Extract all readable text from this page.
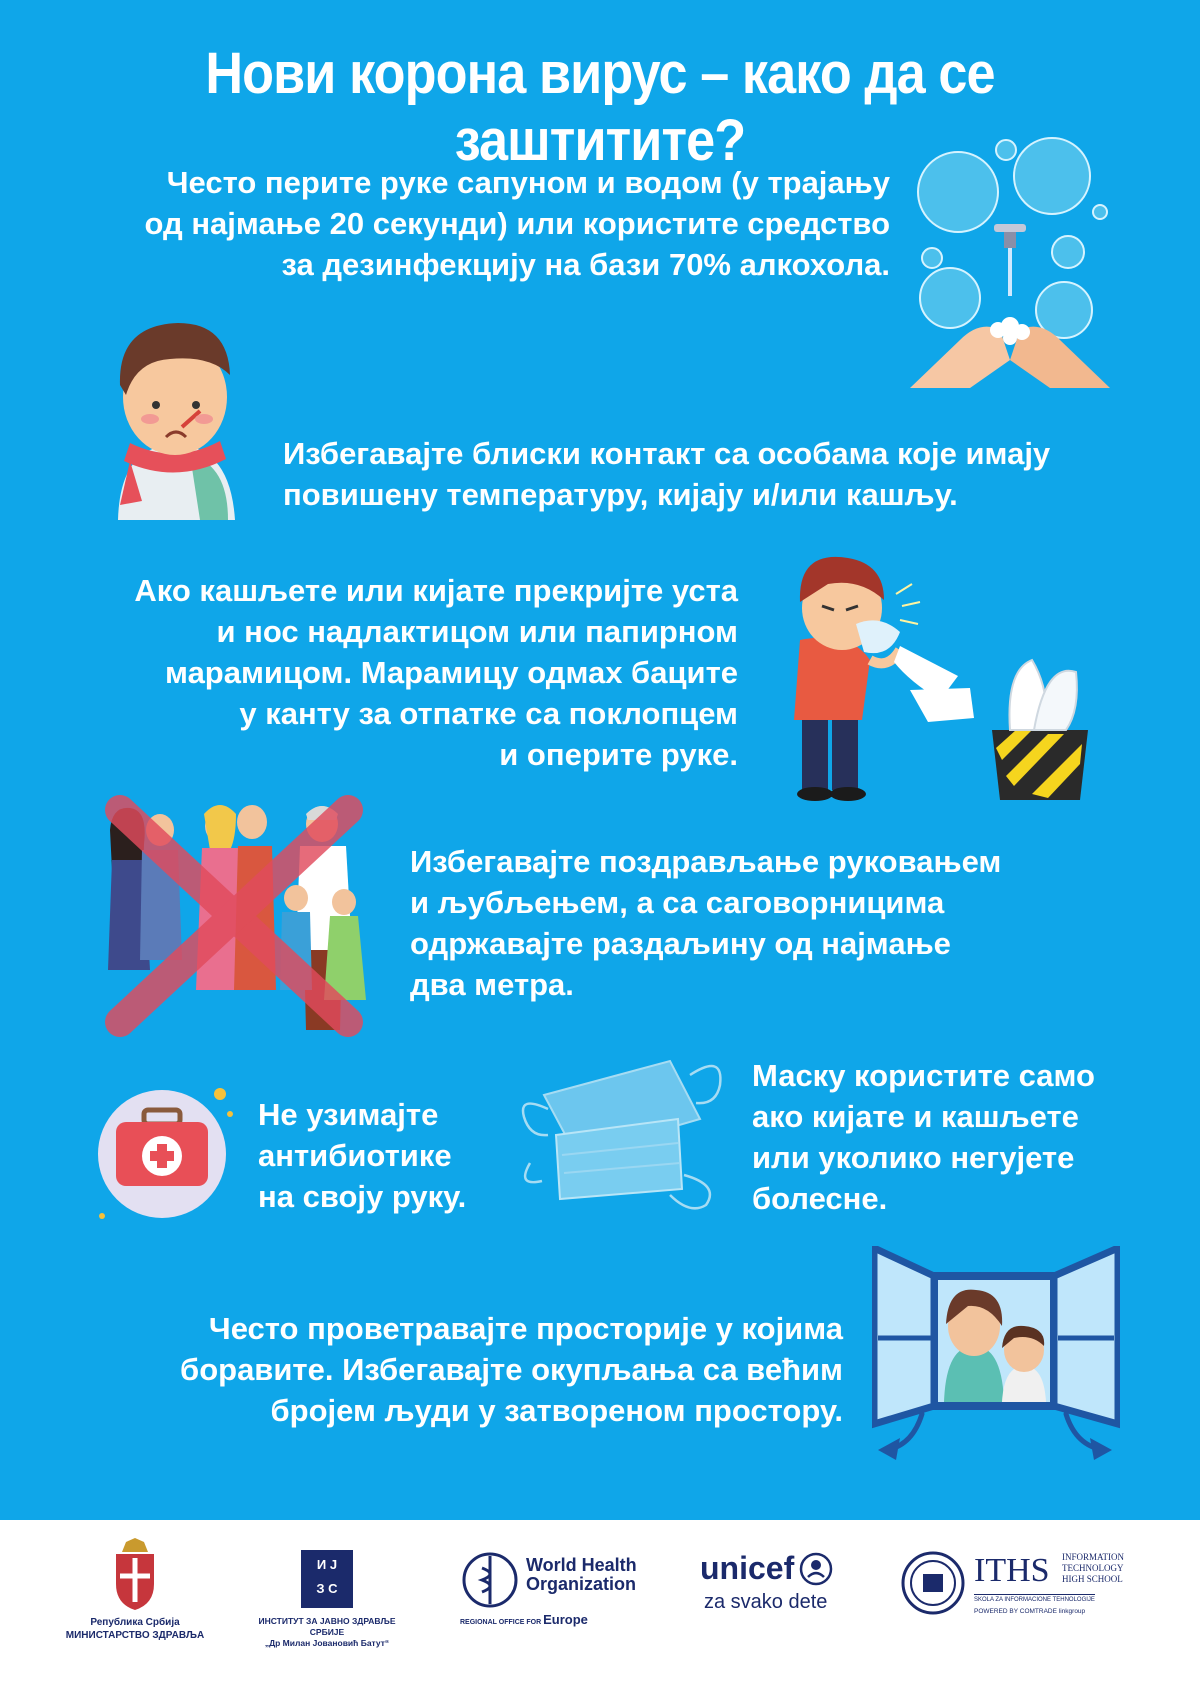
Нови корона вирус – како да се заштитите?

Често перите руке сапуном и водом (у трајању

од најмање 20 секунди) или користите средство

за дезинфекцију на бази 70% алкохола.

Избегавајте блиски контакт са особама које имају

повишену температуру, кијају и/или кашљу.

Ако кашљете или кијате прекријте уста

и нос надлактицом или папирном

марамицом. Марамицу одмах баците

у канту за отпатке са поклопцем

и оперите руке.

Избегавајте поздрављање руковањем

и љубљењем, а са саговорницима

одржавајте раздаљину од најмање

два метра.

Не узимајте

антибиотике

на своју руку.

Маску користите само

ако кијате и кашљете

или уколико негујете

болесне.

Често проветравајте просторије у којима

боравите. Избегавајте окупљања са већим

бројем људи у затвореном простору.

Република Србија
МИНИСТАРСТВО ЗДРАВЉА
И Ј
З С
ИНСТИТУТ ЗА ЈАВНО ЗДРАВЉЕ СРБИЈЕ
„Др Милан Јовановић Батут“
World Health
Organization
REGIONAL OFFICE FOR Europe
unicef
za svako dete
ITHS INFORMATION
TECHNOLOGY
HIGH SCHOOL
SKOLA ZA INFORMACIONE TEHNOLOGIJE
POWERED BY COMTRADE linkgroup
